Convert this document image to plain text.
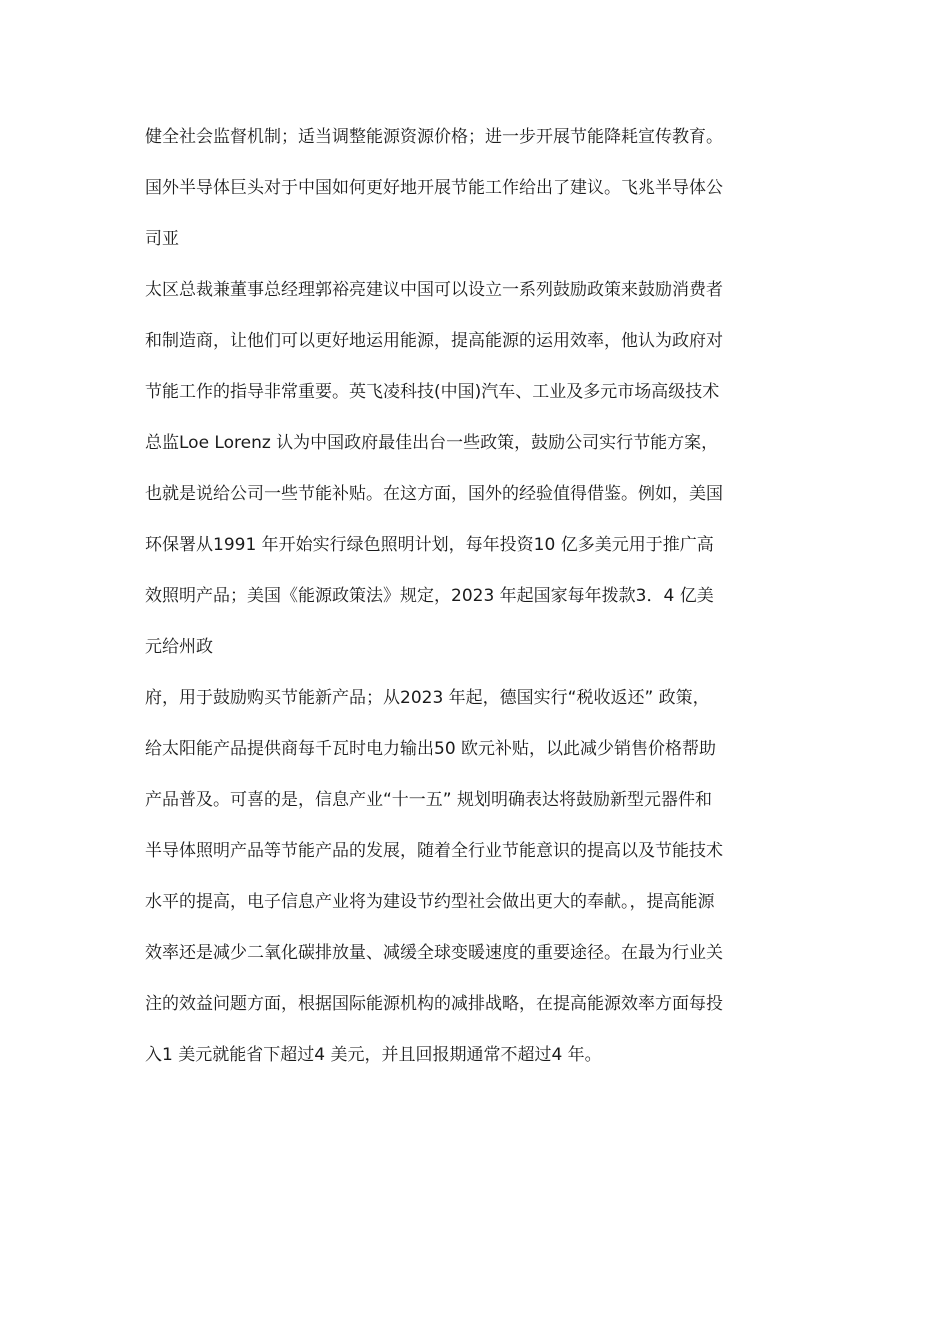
健全社会监督机制；适当调整能源资源价格；进一步开展节能降耗宣传教育。
国外半导体巨头对于中国如何更好地开展节能工作给出了建议。飞兆半导体公
司亚
太区总裁兼董事总经理郭裕亮建议中国可以设立一系列鼓励政策来鼓励消费者
和制造商，让他们可以更好地运用能源，提高能源的运用效率，他认为政府对
节能工作的指导非常重要。英飞凌科技(中国)汽车、工业及多元市场高级技术
总监Loe Lorenz 认为中国政府最佳出台一些政策，鼓励公司实行节能方案，
也就是说给公司一些节能补贴。在这方面，国外的经验值得借鉴。例如，美国
环保署从1991 年开始实行绿色照明计划，每年投资10 亿多美元用于推广高
效照明产品；美国《能源政策法》规定，2023 年起国家每年拨款3．4 亿美
元给州政
府，用于鼓励购买节能新产品；从2023 年起，德国实行“税收返还” 政策，
给太阳能产品提供商每千瓦时电力输出50 欧元补贴，以此减少销售价格帮助
产品普及。可喜的是，信息产业“十一五” 规划明确表达将鼓励新型元器件和
半导体照明产品等节能产品的发展，随着全行业节能意识的提高以及节能技术
水平的提高，电子信息产业将为建设节约型社会做出更大的奉献。，提高能源
效率还是减少二氧化碳排放量、减缓全球变暖速度的重要途径。在最为行业关
注的效益问题方面，根据国际能源机构的减排战略，在提高能源效率方面每投
入1 美元就能省下超过4 美元，并且回报期通常不超过4 年。
